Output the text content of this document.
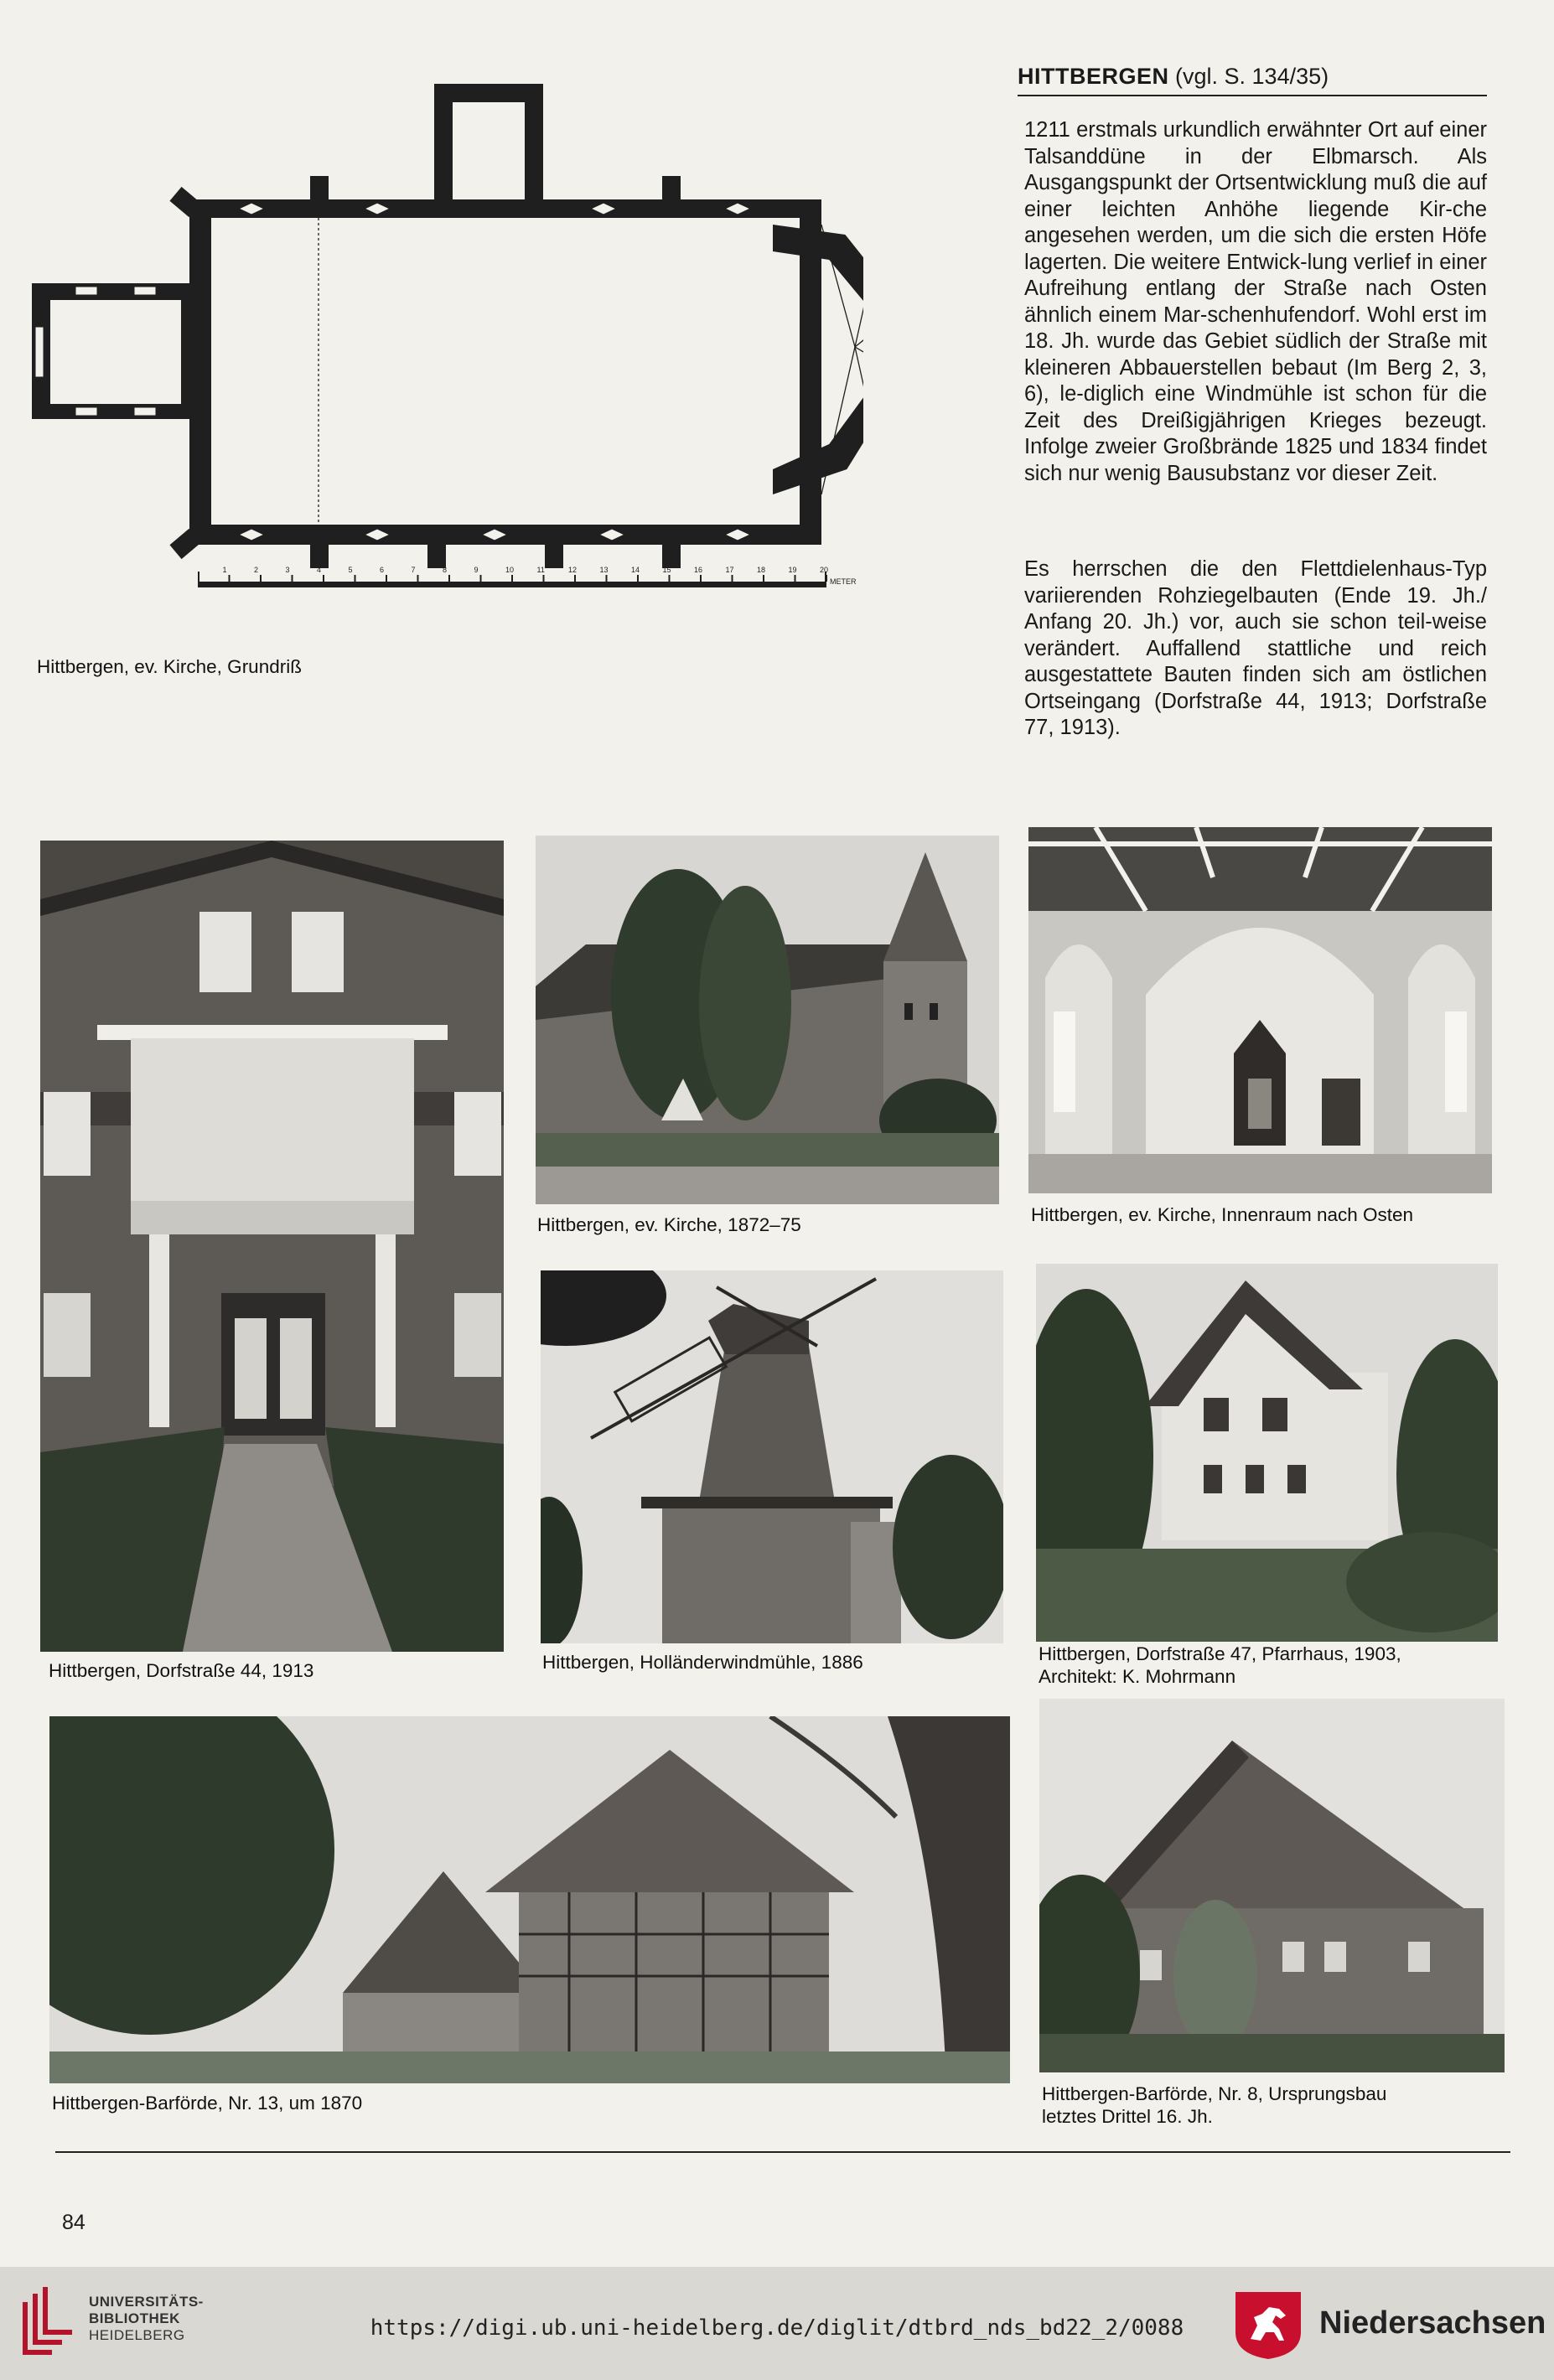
HITTBERGEN (vgl. S. 134/35)

1211 erstmals urkundlich erwähnter Ort auf einer Talsanddüne in der Elbmarsch. Als Ausgangspunkt der Ortsentwicklung muß die auf einer leichten Anhöhe liegende Kir-che angesehen werden, um die sich die ersten Höfe lagerten. Die weitere Entwick-lung verlief in einer Aufreihung entlang der Straße nach Osten ähnlich einem Mar-schenhufendorf. Wohl erst im 18. Jh. wurde das Gebiet südlich der Straße mit kleineren Abbauerstellen bebaut (Im Berg 2, 3, 6), le-diglich eine Windmühle ist schon für die Zeit des Dreißigjährigen Krieges bezeugt. Infolge zweier Großbrände 1825 und 1834 findet sich nur wenig Bausubstanz vor dieser Zeit.

Es herrschen die den Flettdielenhaus-Typ variierenden Rohziegelbauten (Ende 19. Jh./ Anfang 20. Jh.) vor, auch sie schon teil-weise verändert. Auffallend stattliche und reich ausgestattete Bauten finden sich am östlichen Ortseingang (Dorfstraße 44, 1913; Dorfstraße 77, 1913).

1	2	3	4	5	6	7	8	9	10	11	12	13	14	15	16	17	18	19	20
METER
Hittbergen, ev. Kirche, Grundriß
Hittbergen, Dorfstraße 44, 1913
Hittbergen, ev. Kirche, 1872–75	Hittbergen, ev. Kirche, Innenraum nach Osten
Hittbergen, Holländerwindmühle, 1886	Hittbergen, Dorfstraße 47, Pfarrhaus, 1903,
Architekt: K. Mohrmann
Hittbergen-Barförde, Nr. 13, um 1870	Hittbergen-Barförde, Nr. 8, Ursprungsbau
letztes Drittel 16. Jh.
84
UNIVERSITÄTS-
BIBLIOTHEK
HEIDELBERG	https://digi.ub.uni-heidelberg.de/diglit/dtbrd_nds_bd22_2/0088	Niedersachsen
